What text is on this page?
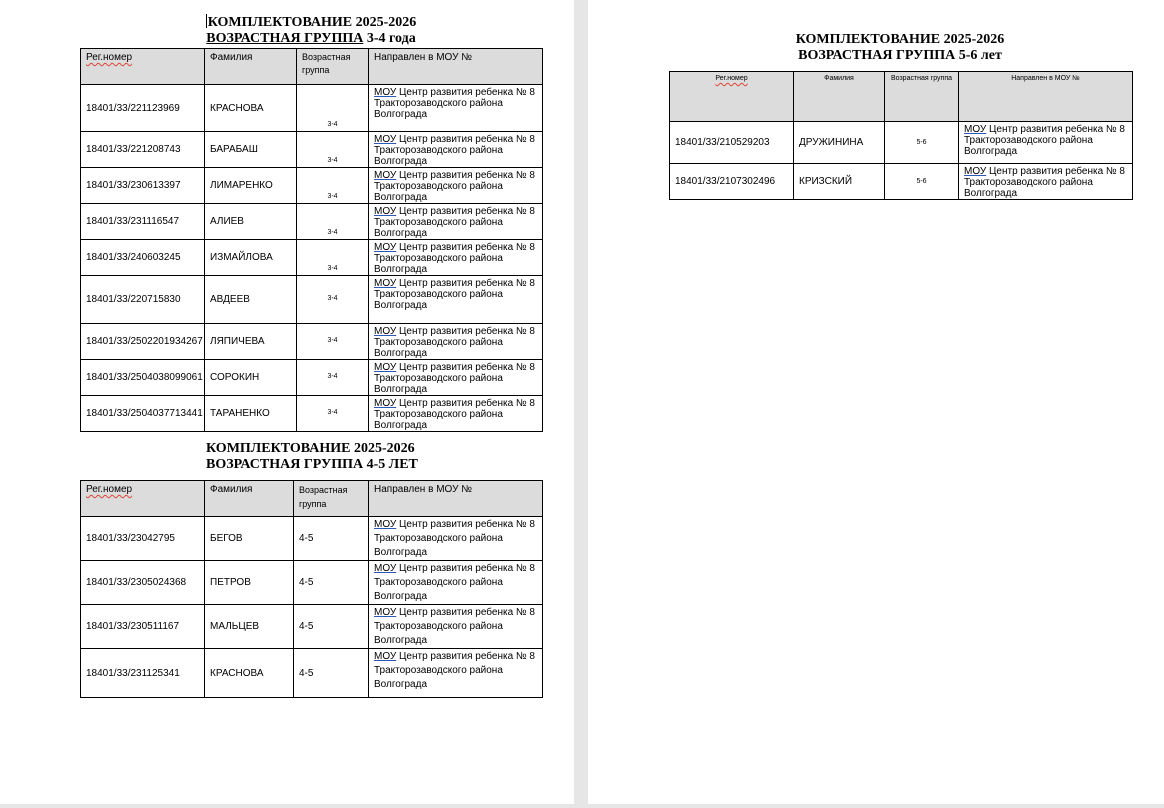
КОМПЛЕКТОВАНИЕ 2025-2026
ВОЗРАСТНАЯ ГРУППА 3-4 года
Рег.номер	Фамилия	Возрастная группа	Направлен в МОУ №
18401/33/221123969	КРАСНОВА	3-4	МОУ Центр развития ребенка № 8 Тракторозаводского района Волгограда
18401/33/221208743	БАРАБАШ	3-4	МОУ Центр развития ребенка № 8 Тракторозаводского района Волгограда
18401/33/230613397	ЛИМАРЕНКО	3-4	МОУ Центр развития ребенка № 8 Тракторозаводского района Волгограда
18401/33/231116547	АЛИЕВ	3-4	МОУ Центр развития ребенка № 8 Тракторозаводского района Волгограда
18401/33/240603245	ИЗМАЙЛОВА	3-4	МОУ Центр развития ребенка № 8 Тракторозаводского района Волгограда
18401/33/220715830	АВДЕЕВ	3-4	МОУ Центр развития ребенка № 8 Тракторозаводского района Волгограда
18401/33/2502201934267	ЛЯПИЧЕВА	3-4	МОУ Центр развития ребенка № 8 Тракторозаводского района Волгограда
18401/33/2504038099061	СОРОКИН	3-4	МОУ Центр развития ребенка № 8 Тракторозаводского района Волгограда
18401/33/2504037713441	ТАРАНЕНКО	3-4	МОУ Центр развития ребенка № 8 Тракторозаводского района Волгограда
КОМПЛЕКТОВАНИЕ 2025-2026
ВОЗРАСТНАЯ ГРУППА 4-5 ЛЕТ
Рег.номер	Фамилия	Возрастная группа	Направлен в МОУ №
18401/33/23042795	БЕГОВ	4-5	МОУ Центр развития ребенка № 8 Тракторозаводского района Волгограда
18401/33/2305024368	ПЕТРОВ	4-5	МОУ Центр развития ребенка № 8 Тракторозаводского района Волгограда
18401/33/230511167	МАЛЬЦЕВ	4-5	МОУ Центр развития ребенка № 8 Тракторозаводского района Волгограда
18401/33/231125341	КРАСНОВА	4-5	МОУ Центр развития ребенка № 8 Тракторозаводского района Волгограда
КОМПЛЕКТОВАНИЕ 2025-2026
ВОЗРАСТНАЯ ГРУППА 5-6 лет
Рег.номер	Фамилия	Возрастная группа	Направлен в МОУ №
18401/33/210529203	ДРУЖИНИНА	5-6	МОУ Центр развития ребенка № 8 Тракторозаводского района Волгограда
18401/33/2107302496	КРИЗСКИЙ	5-6	МОУ Центр развития ребенка № 8 Тракторозаводского района Волгограда
